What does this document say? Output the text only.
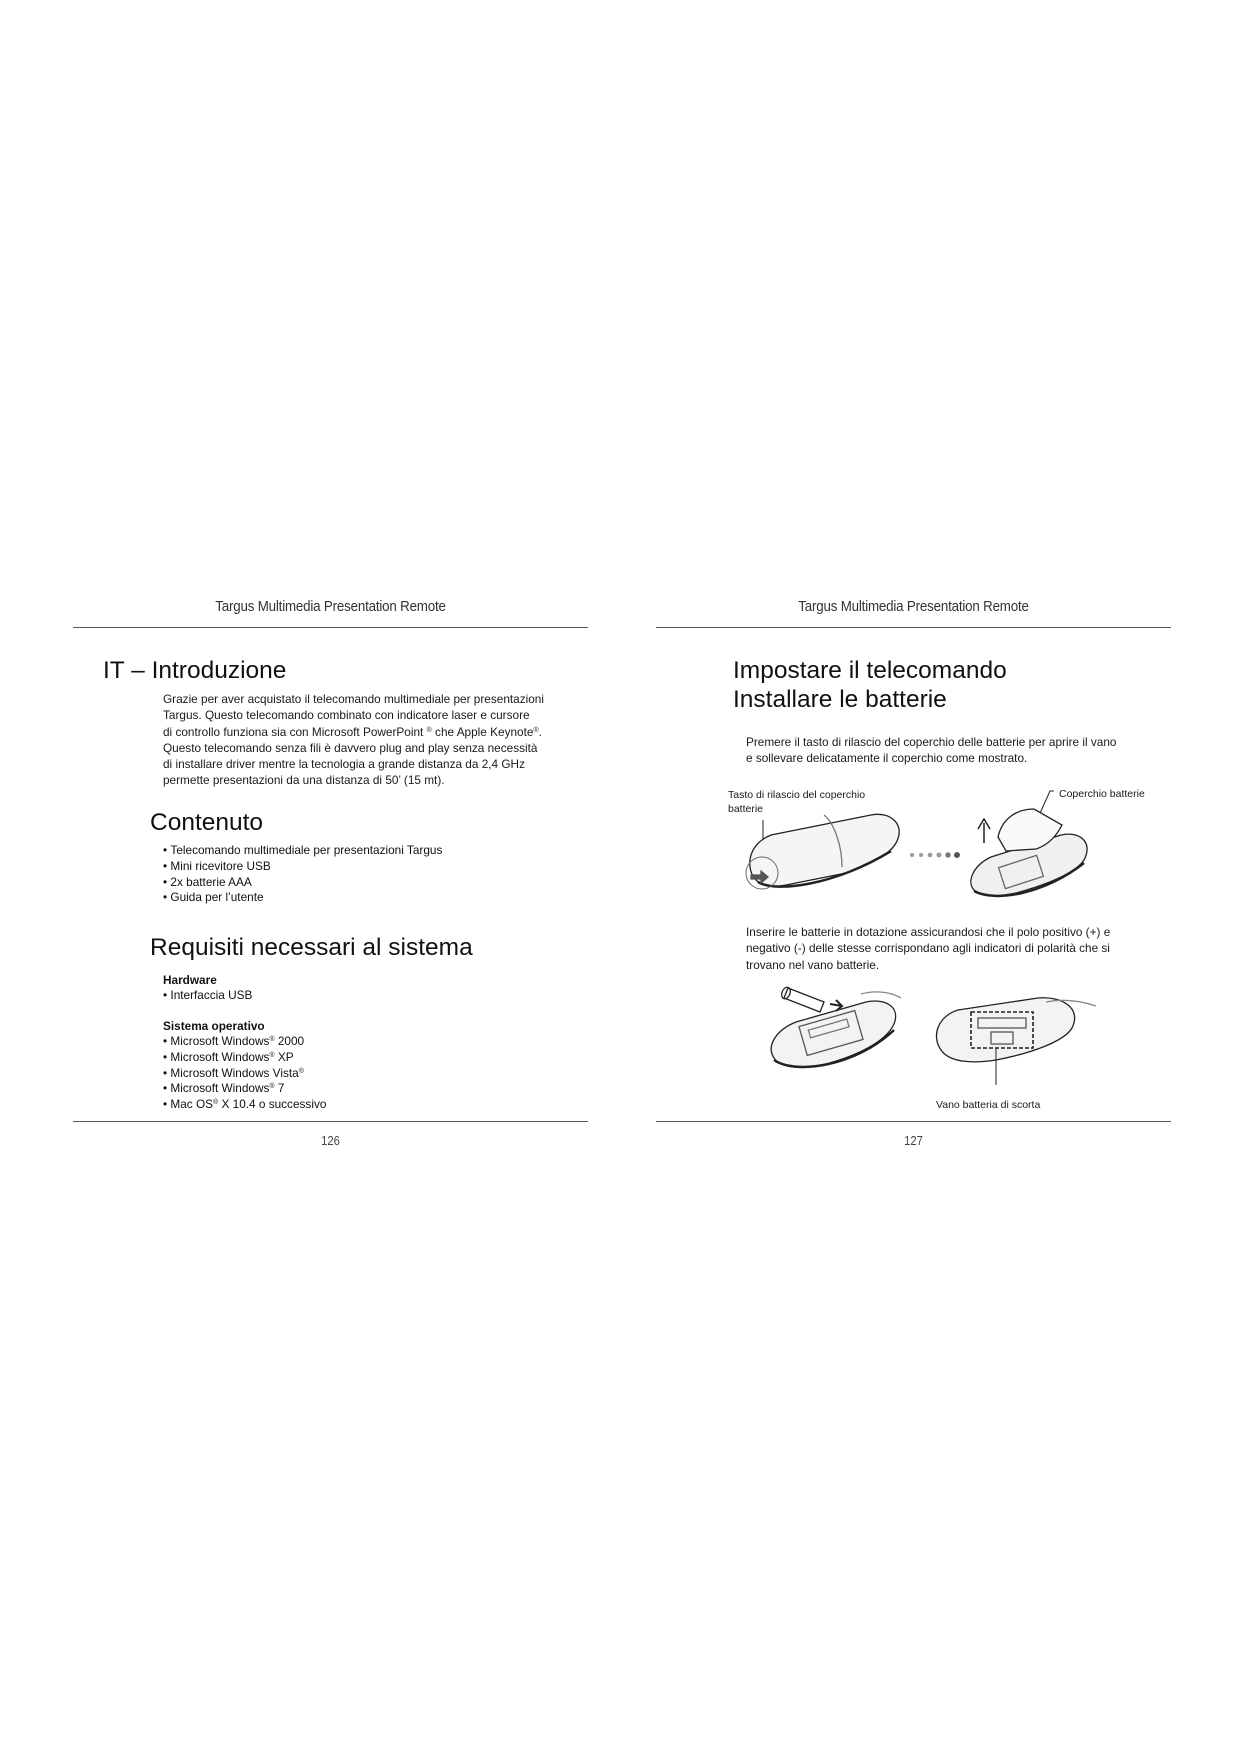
Targus Multimedia Presentation Remote
IT – Introduzione
Grazie per aver acquistato il telecomando multimediale per presentazioni
Targus. Questo telecomando combinato con indicatore laser e cursore
di controllo funziona sia con Microsoft PowerPoint ® che Apple Keynote®.
Questo telecomando senza fili è davvero plug and play senza necessità
di installare driver mentre la tecnologia a grande distanza da 2,4 GHz
permette presentazioni da una distanza di 50’ (15 mt).
Contenuto
• Telecomando multimediale per presentazioni Targus
• Mini ricevitore USB
• 2x batterie AAA
• Guida per l’utente
Requisiti necessari al sistema
Hardware
• Interfaccia USB
Sistema operativo
• Microsoft Windows® 2000
• Microsoft Windows® XP
• Microsoft Windows Vista®
• Microsoft Windows® 7
• Mac OS® X 10.4 o successivo
126
Targus Multimedia Presentation Remote
Impostare il telecomando
Installare le batterie
Premere il tasto di rilascio del coperchio delle batterie per aprire il vano
e sollevare delicatamente il coperchio come mostrato.
Tasto di rilascio del coperchio
batterie
Coperchio batterie
Inserire le batterie in dotazione assicurandosi che il polo positivo (+) e
negativo (-) delle stesse corrispondano agli indicatori di polarità che si
trovano nel vano batterie.
Vano batteria di scorta
127
